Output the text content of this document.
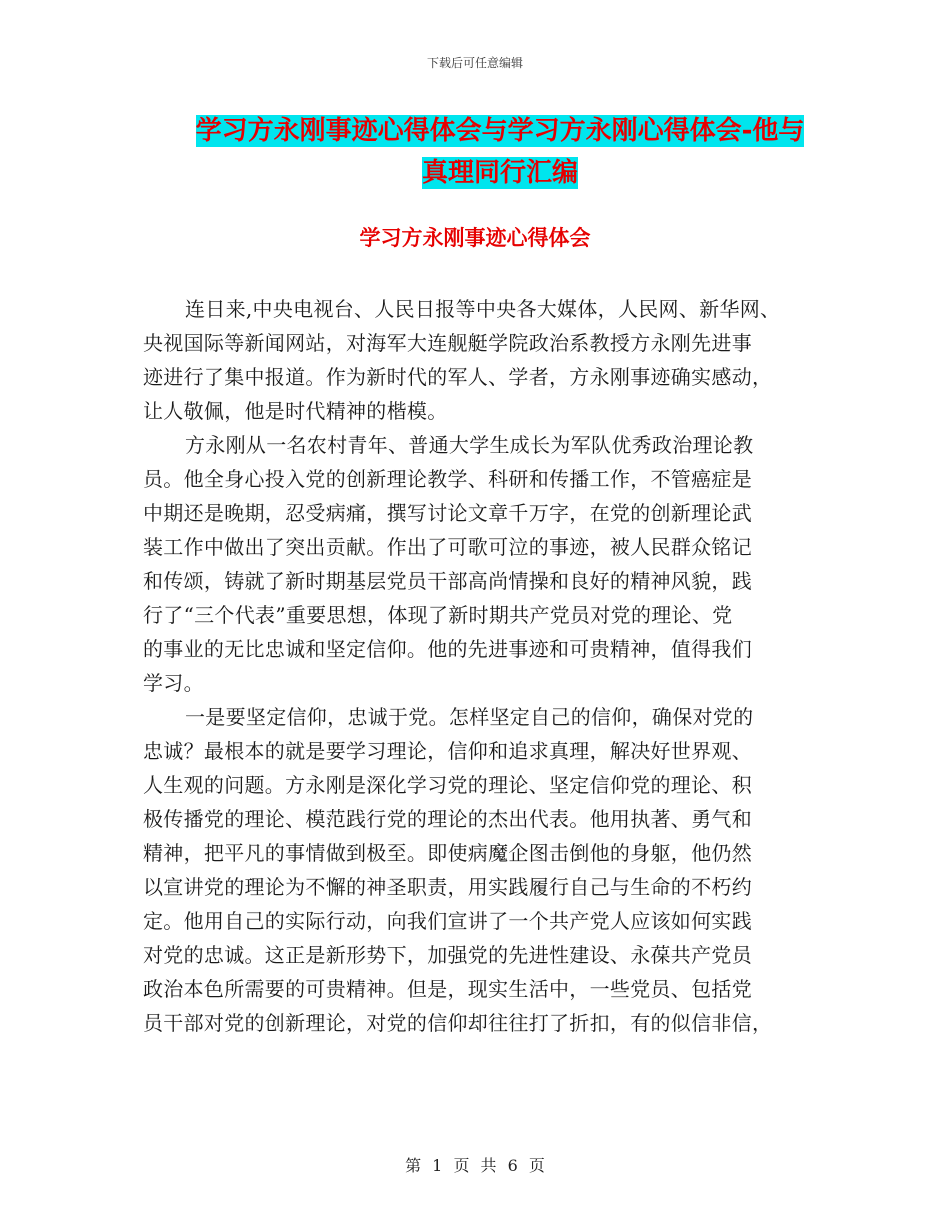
下载后可任意编辑
学习方永刚事迹心得体会与学习方永刚心得体会-他与
真理同行汇编
学习方永刚事迹心得体会
连日来,中央电视台、人民日报等中央各大媒体，人民网、新华网、
央视国际等新闻网站，对海军大连舰艇学院政治系教授方永刚先进事
迹进行了集中报道。作为新时代的军人、学者，方永刚事迹确实感动，
让人敬佩，他是时代精神的楷模。
方永刚从一名农村青年、普通大学生成长为军队优秀政治理论教
员。他全身心投入党的创新理论教学、科研和传播工作，不管癌症是
中期还是晚期，忍受病痛，撰写讨论文章千万字，在党的创新理论武
装工作中做出了突出贡献。作出了可歌可泣的事迹，被人民群众铭记
和传颂，铸就了新时期基层党员干部高尚情操和良好的精神风貌，践
行了“三个代表”重要思想，体现了新时期共产党员对党的理论、党
的事业的无比忠诚和坚定信仰。他的先进事迹和可贵精神，值得我们
学习。
一是要坚定信仰，忠诚于党。怎样坚定自己的信仰，确保对党的
忠诚？最根本的就是要学习理论，信仰和追求真理，解决好世界观、
人生观的问题。方永刚是深化学习党的理论、坚定信仰党的理论、积
极传播党的理论、模范践行党的理论的杰出代表。他用执著、勇气和
精神，把平凡的事情做到极至。即使病魔企图击倒他的身躯，他仍然
以宣讲党的理论为不懈的神圣职责，用实践履行自己与生命的不朽约
定。他用自己的实际行动，向我们宣讲了一个共产党人应该如何实践
对党的忠诚。这正是新形势下，加强党的先进性建设、永葆共产党员
政治本色所需要的可贵精神。但是，现实生活中，一些党员、包括党
员干部对党的创新理论，对党的信仰却往往打了折扣，有的似信非信，
第 1 页 共 6 页
